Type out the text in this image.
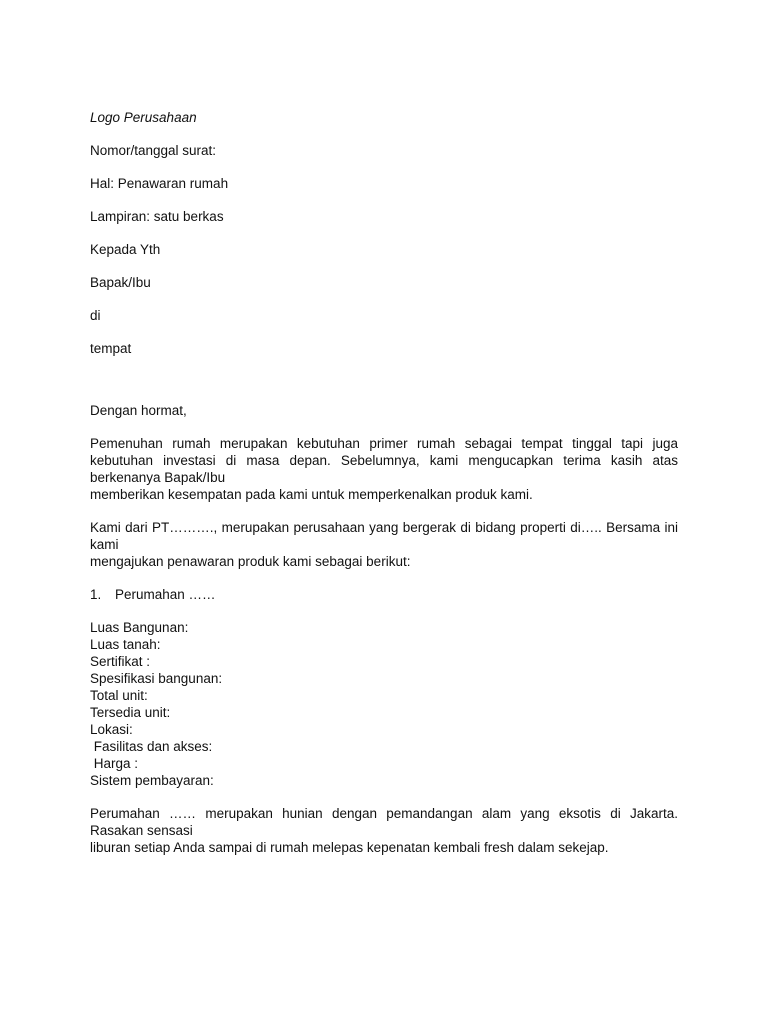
Logo Perusahaan

Nomor/tanggal surat:

Hal: Penawaran rumah

Lampiran: satu berkas

Kepada Yth

Bapak/Ibu

di

tempat

Dengan hormat,

Pemenuhan rumah merupakan kebutuhan primer rumah sebagai tempat tinggal tapi juga kebutuhan investasi di masa depan. Sebelumnya, kami mengucapkan terima kasih atas berkenanya Bapak/Ibu
memberikan kesempatan pada kami untuk memperkenalkan produk kami.

Kami dari PT………., merupakan perusahaan yang bergerak di bidang properti di….. Bersama ini kami
mengajukan penawaran produk kami sebagai berikut:

1. Perumahan ……

Luas Bangunan:

Luas tanah:

Sertifikat :

Spesifikasi bangunan:

Total unit:

Tersedia unit:

Lokasi:

Fasilitas dan akses:

Harga :

Sistem pembayaran:

Perumahan …… merupakan hunian dengan pemandangan alam yang eksotis di Jakarta. Rasakan sensasi
liburan setiap Anda sampai di rumah melepas kepenatan kembali fresh dalam sekejap.
